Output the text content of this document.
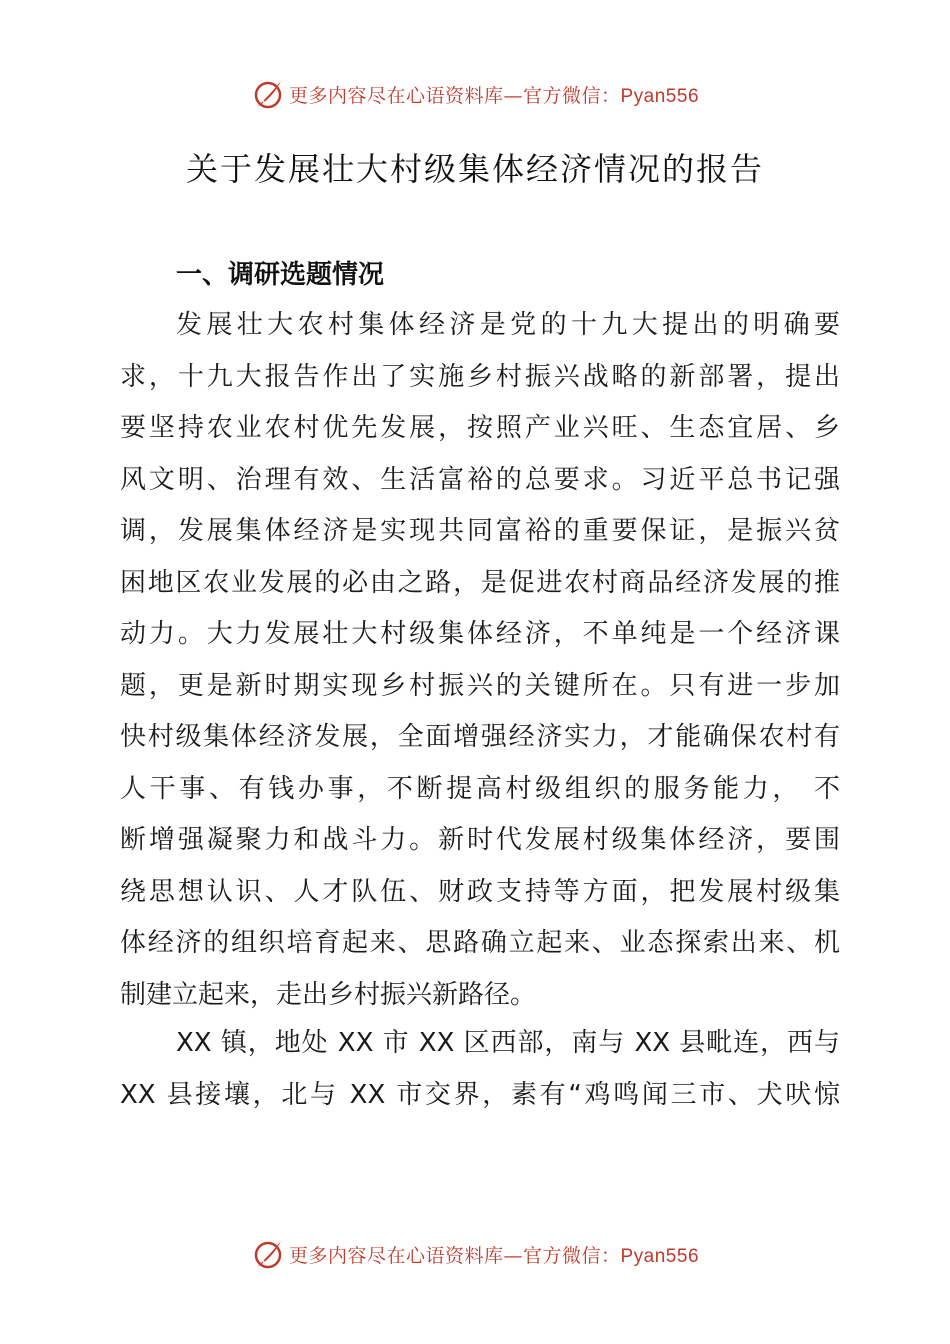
更多内容尽在心语资料库—官方微信：Pyan556
关于发展壮大村级集体经济情况的报告
一、调研选题情况
发展壮大农村集体经济是党的十九大提出的明确要
求，十九大报告作出了实施乡村振兴战略的新部署，提出
要坚持农业农村优先发展，按照产业兴旺、生态宜居、乡
风文明、治理有效、生活富裕的总要求。习近平总书记强
调，发展集体经济是实现共同富裕的重要保证，是振兴贫
困地区农业发展的必由之路，是促进农村商品经济发展的推
动力。大力发展壮大村级集体经济，不单纯是一个经济课
题，更是新时期实现乡村振兴的关键所在。只有进一步加
快村级集体经济发展，全面增强经济实力，才能确保农村有
人干事、有钱办事，不断提高村级组织的服务能力， 不
断增强凝聚力和战斗力。新时代发展村级集体经济，要围
绕思想认识、人才队伍、财政支持等方面，把发展村级集
体经济的组织培育起来、思路确立起来、业态探索出来、机
制建立起来，走出乡村振兴新路径。
XX 镇，地处 XX 市 XX 区西部，南与 XX 县毗连，西与
XX 县接壤，北与 XX 市交界，素有“鸡鸣闻三市、犬吠惊
更多内容尽在心语资料库—官方微信：Pyan556
